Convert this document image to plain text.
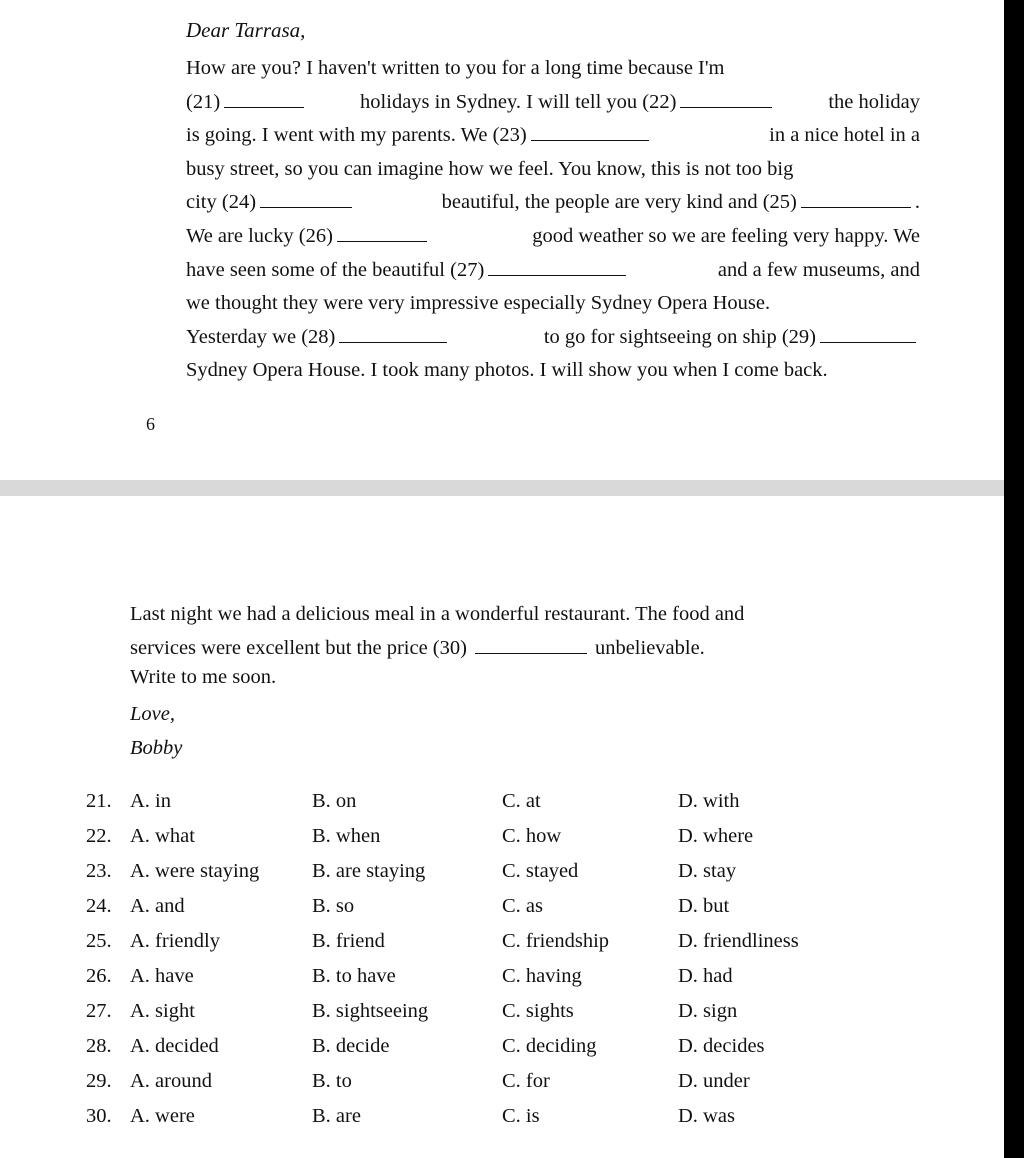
Dear Tarrasa,
How are you? I haven't written to you for a long time because I'm
(21)	holidays in Sydney. I will tell you (22)	the holiday
is going. I went with my parents. We (23)	in a nice hotel in a
busy street, so you can imagine how we feel. You know, this is not too big
city (24)	beautiful, the people are very kind and (25)	.
We are lucky (26)	good weather so we are feeling very happy. We
have seen some of the beautiful (27)	and a few museums, and
we thought they were very impressive especially Sydney Opera House.
Yesterday we (28)	to go for sightseeing on ship (29)
Sydney Opera House. I took many photos. I will show you when I come back.
6
Last night we had a delicious meal in a wonderful restaurant. The food and
services were excellent but the price (30)	unbelievable.
Write to me soon.
Love,
Bobby
21. A. in	B. on	C. at	D. with
22. A. what	B. when	C. how	D. where
23. A. were staying	B. are staying	C. stayed	D. stay
24. A. and	B. so	C. as	D. but
25. A. friendly	B. friend	C. friendship	D. friendliness
26. A. have	B. to have	C. having	D. had
27. A. sight	B. sightseeing	C. sights	D. sign
28. A. decided	B. decide	C. deciding	D. decides
29. A. around	B. to	C. for	D. under
30. A. were	B. are	C. is	D. was
